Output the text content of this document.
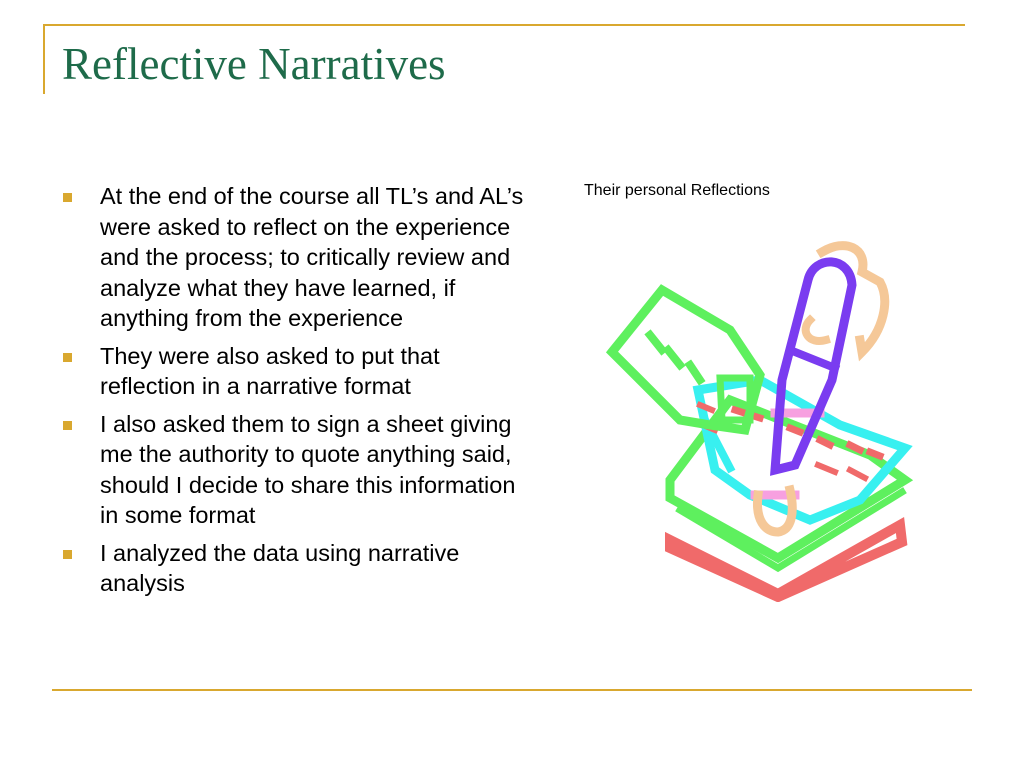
Reflective Narratives
At the end of the course all TL’s and AL’s were asked to reflect on the experience and the process; to critically review and analyze what they have learned, if anything from the experience
They were also asked to put that reflection in a narrative format
I also asked them to sign a sheet giving me the authority to quote anything said, should I decide to share this information in some format
I analyzed the data using narrative analysis

Their personal Reflections
